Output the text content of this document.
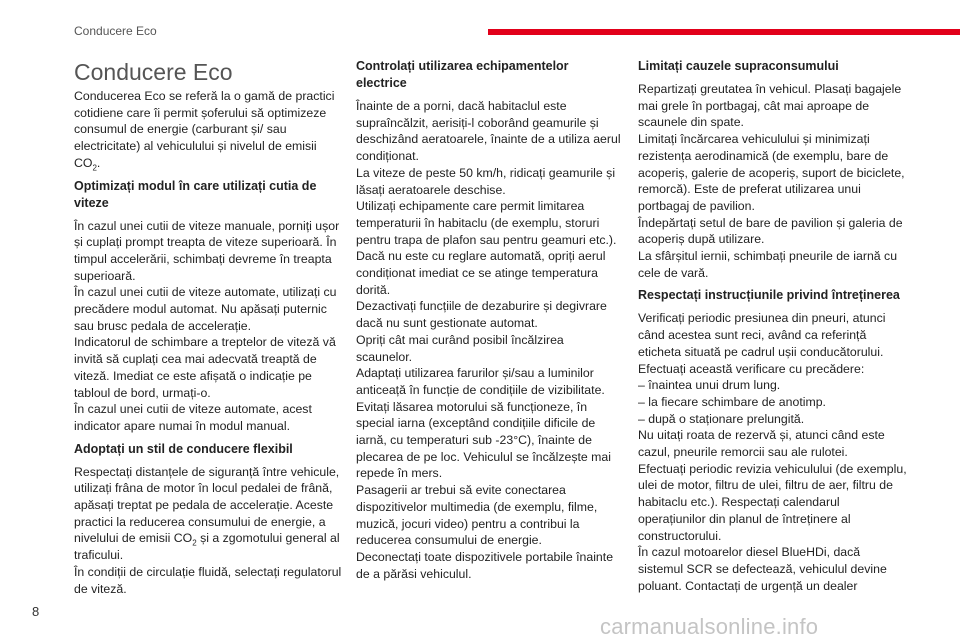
Conducere Eco
Conducere Eco

Conducerea Eco se referă la o gamă de practici cotidiene care îi permit șoferului să optimizeze consumul de energie (carburant și/ sau electricitate) al vehiculului și nivelul de emisii $CO_2$.

Optimizați modul în care utilizați cutia de viteze

În cazul unei cutii de viteze manuale, porniți ușor și cuplați prompt treapta de viteze superioară. În timpul accelerării, schimbați devreme în treapta superioară.

În cazul unei cutii de viteze automate, utilizați cu precădere modul automat. Nu apăsați puternic sau brusc pedala de accelerație.

Indicatorul de schimbare a treptelor de viteză vă invită să cuplați cea mai adecvată treaptă de viteză. Imediat ce este afișată o indicație pe tabloul de bord, urmați-o.

În cazul unei cutii de viteze automate, acest indicator apare numai în modul manual.

Adoptați un stil de conducere flexibil

Respectați distanțele de siguranță între vehicule, utilizați frâna de motor în locul pedalei de frână, apăsați treptat pe pedala de accelerație. Aceste practici la reducerea consumului de energie, a nivelului de emisii $CO_2$ și a zgomotului general al traficului.

În condiții de circulație fluidă, selectați regulatorul de viteză.

Controlați utilizarea echipamentelor electrice

Înainte de a porni, dacă habitaclul este supraîncălzit, aerisiți-l coborând geamurile și deschizând aeratoarele, înainte de a utiliza aerul condiționat.

La viteze de peste 50 km/h, ridicați geamurile și lăsați aeratoarele deschise.

Utilizați echipamente care permit limitarea temperaturii în habitaclu (de exemplu, storuri pentru trapa de plafon sau pentru geamuri etc.).

Dacă nu este cu reglare automată, opriți aerul condiționat imediat ce se atinge temperatura dorită.

Dezactivați funcțiile de dezaburire și degivrare dacă nu sunt gestionate automat.

Opriți cât mai curând posibil încălzirea scaunelor.

Adaptați utilizarea farurilor și/sau a luminilor anticeață în funcție de condițiile de vizibilitate.

Evitați lăsarea motorului să funcționeze, în special iarna (exceptând condițiile dificile de iarnă, cu temperaturi sub -23°C), înainte de plecarea de pe loc. Vehiculul se încălzește mai repede în mers.

Pasagerii ar trebui să evite conectarea dispozitivelor multimedia (de exemplu, filme, muzică, jocuri video) pentru a contribui la reducerea consumului de energie.

Deconectați toate dispozitivele portabile înainte de a părăsi vehiculul.

Limitați cauzele supraconsumului

Repartizați greutatea în vehicul. Plasați bagajele mai grele în portbagaj, cât mai aproape de scaunele din spate.

Limitați încărcarea vehiculului și minimizați rezistența aerodinamică (de exemplu, bare de acoperiș, galerie de acoperiș, suport de biciclete, remorcă). Este de preferat utilizarea unui portbagaj de pavilion.

Îndepărtați setul de bare de pavilion și galeria de acoperiș după utilizare.

La sfârșitul iernii, schimbați pneurile de iarnă cu cele de vară.

Respectați instrucțiunile privind întreținerea

Verificați periodic presiunea din pneuri, atunci când acestea sunt reci, având ca referință eticheta situată pe cadrul ușii conducătorului.

Efectuați această verificare cu precădere:

– înaintea unui drum lung.

– la fiecare schimbare de anotimp.

– după o staționare prelungită.

Nu uitați roata de rezervă și, atunci când este cazul, pneurile remorcii sau ale rulotei.

Efectuați periodic revizia vehiculului (de exemplu, ulei de motor, filtru de ulei, filtru de aer, filtru de habitaclu etc.). Respectați calendarul operațiunilor din planul de întreținere al constructorului.

În cazul motoarelor diesel BlueHDi, dacă sistemul SCR se defectează, vehiculul devine poluant. Contactați de urgență un dealer

8
carmanualsonline.info
